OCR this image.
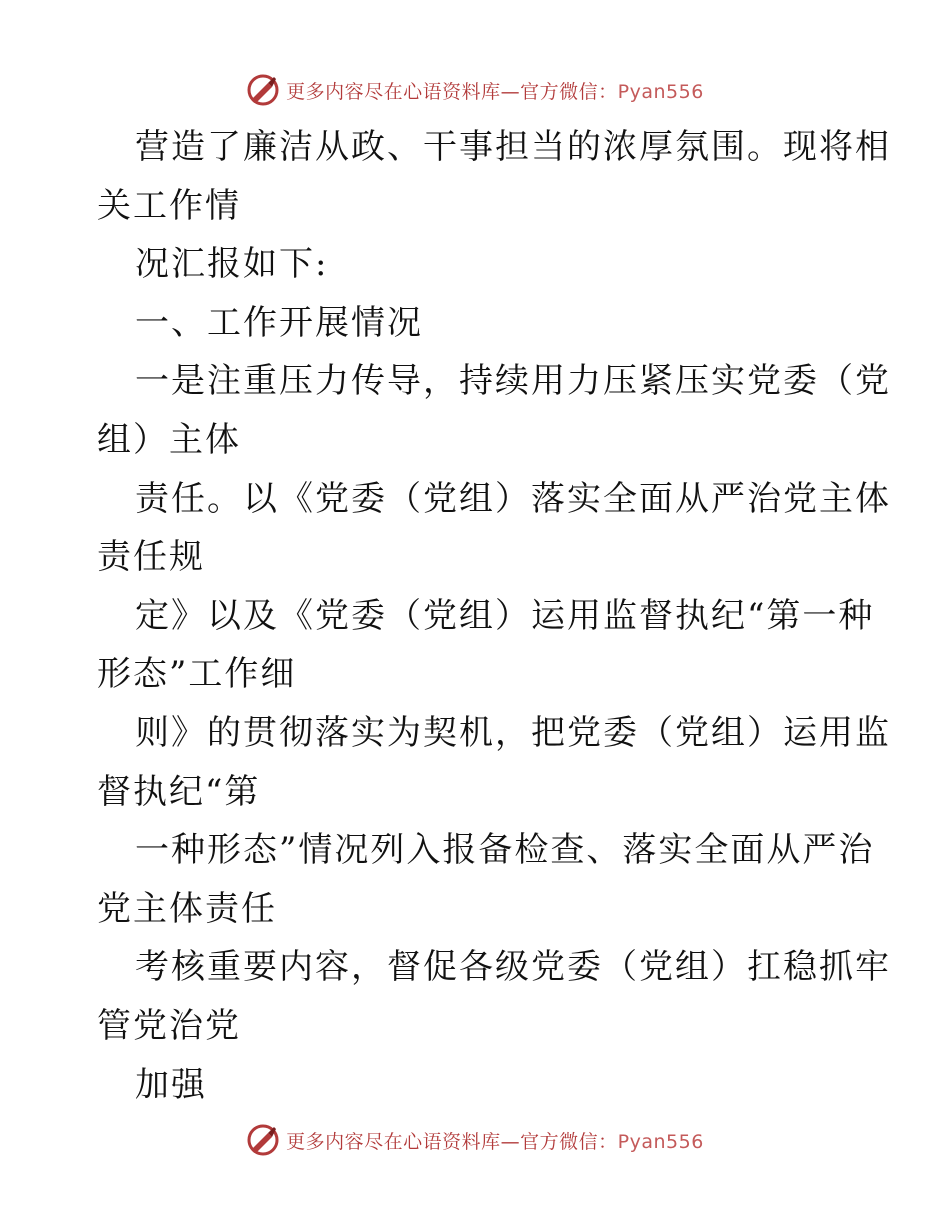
更多内容尽在心语资料库—官方微信：Pyan556
营造了廉洁从政、干事担当的浓厚氛围。现将相
关工作情
况汇报如下:
一、工作开展情况
一是注重压力传导，持续用力压紧压实党委（党
组）主体
责任。以《党委（党组）落实全面从严治党主体
责任规
定》以及《党委（党组）运用监督执纪“第一种
形态”工作细
则》的贯彻落实为契机，把党委（党组）运用监
督执纪“第
一种形态”情况列入报备检查、落实全面从严治
党主体责任
考核重要内容，督促各级党委（党组）扛稳抓牢
管党治党
加强
更多内容尽在心语资料库—官方微信：Pyan556
